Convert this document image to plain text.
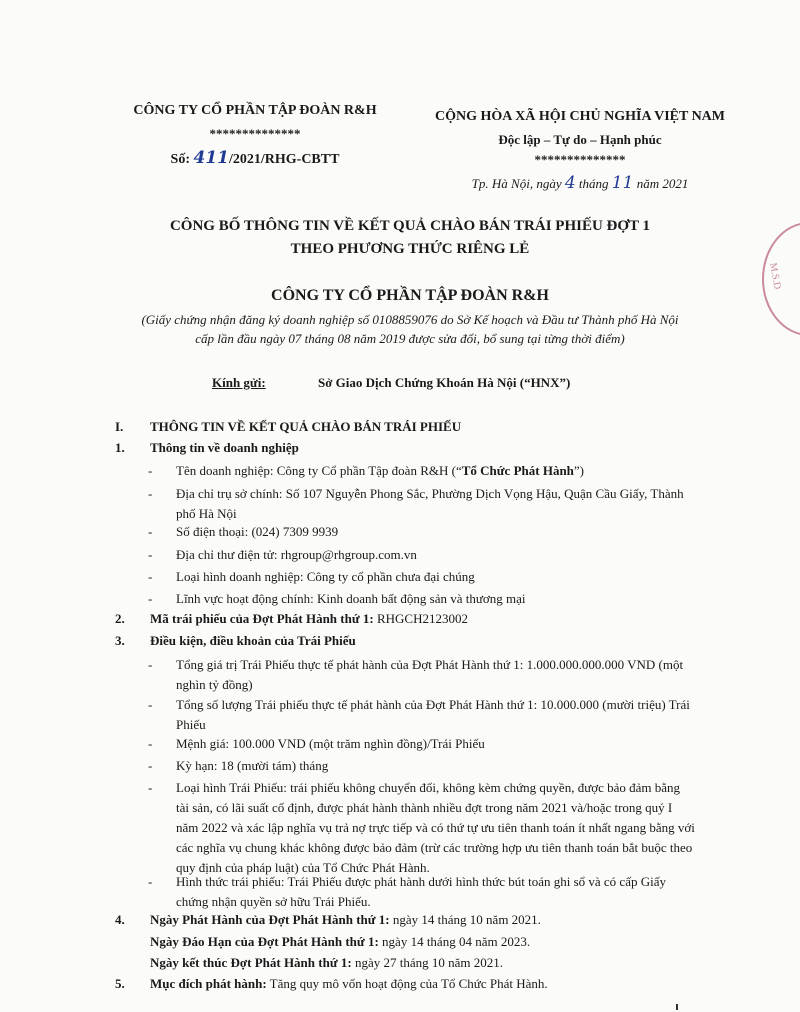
CÔNG TY CỔ PHẦN TẬP ĐOÀN R&H
**************
Số: 411/2021/RHG-CBTT
CỘNG HÒA XÃ HỘI CHỦ NGHĨA VIỆT NAM
Độc lập – Tự do – Hạnh phúc
**************
Tp. Hà Nội, ngày 4 tháng 11 năm 2021
CÔNG BỐ THÔNG TIN VỀ KẾT QUẢ CHÀO BÁN TRÁI PHIẾU ĐỢT 1
THEO PHƯƠNG THỨC RIÊNG LẺ
CÔNG TY CỔ PHẦN TẬP ĐOÀN R&H
(Giấy chứng nhận đăng ký doanh nghiệp số 0108859076 do Sở Kế hoạch và Đầu tư Thành phố Hà Nội
cấp lần đầu ngày 07 tháng 08 năm 2019 được sửa đổi, bổ sung tại từng thời điểm)
M.S.D
Kính gửi:	Sở Giao Dịch Chứng Khoán Hà Nội (“HNX”)
I. THÔNG TIN VỀ KẾT QUẢ CHÀO BÁN TRÁI PHIẾU
1. Thông tin về doanh nghiệp
- Tên doanh nghiệp: Công ty Cổ phần Tập đoàn R&H (“Tổ Chức Phát Hành”)
- Địa chỉ trụ sở chính: Số 107 Nguyễn Phong Sắc, Phường Dịch Vọng Hậu, Quận Cầu Giấy, Thành phố Hà Nội
- Số điện thoại: (024) 7309 9939
- Địa chỉ thư điện tử: rhgroup@rhgroup.com.vn
- Loại hình doanh nghiệp: Công ty cổ phần chưa đại chúng
- Lĩnh vực hoạt động chính: Kinh doanh bất động sản và thương mại
2. Mã trái phiếu của Đợt Phát Hành thứ 1: RHGCH2123002
3. Điều kiện, điều khoản của Trái Phiếu
- Tổng giá trị Trái Phiếu thực tế phát hành của Đợt Phát Hành thứ 1: 1.000.000.000.000 VND (một nghìn tỷ đồng)
- Tổng số lượng Trái phiếu thực tế phát hành của Đợt Phát Hành thứ 1: 10.000.000 (mười triệu) Trái Phiếu
- Mệnh giá: 100.000 VND (một trăm nghìn đồng)/Trái Phiếu
- Kỳ hạn: 18 (mười tám) tháng
- Loại hình Trái Phiếu: trái phiếu không chuyển đổi, không kèm chứng quyền, được bảo đảm bằng tài sản, có lãi suất cố định, được phát hành thành nhiều đợt trong năm 2021 và/hoặc trong quý I năm 2022 và xác lập nghĩa vụ trả nợ trực tiếp và có thứ tự ưu tiên thanh toán ít nhất ngang bằng với các nghĩa vụ chung khác không được bảo đảm (trừ các trường hợp ưu tiên thanh toán bắt buộc theo quy định của pháp luật) của Tổ Chức Phát Hành.
- Hình thức trái phiếu: Trái Phiếu được phát hành dưới hình thức bút toán ghi sổ và có cấp Giấy chứng nhận quyền sở hữu Trái Phiếu.
4. Ngày Phát Hành của Đợt Phát Hành thứ 1: ngày 14 tháng 10 năm 2021.
Ngày Đáo Hạn của Đợt Phát Hành thứ 1: ngày 14 tháng 04 năm 2023.
Ngày kết thúc Đợt Phát Hành thứ 1: ngày 27 tháng 10 năm 2021.
5. Mục đích phát hành: Tăng quy mô vốn hoạt động của Tổ Chức Phát Hành.
